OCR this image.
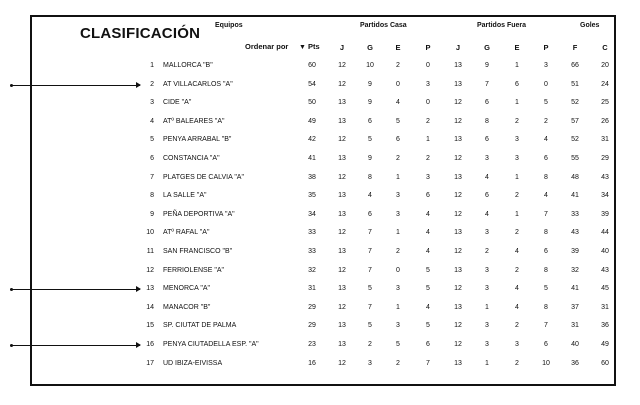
CLASIFICACIÓN Equipos	Partidos Casa	Partidos Fuera	Goles
Ordenar por ▼ Pts	J	G	E	P	J	G	E	P	F	C
1 MALLORCA "B"	60	12	10	2	0	13	9	1	3	66	20
2 AT VILLACARLOS "A"	54	12	9	0	3	13	7	6	0	51	24
3 CIDE "A"	50	13	9	4	0	12	6	1	5	52	25
4 ATº BALEARES "A"	49	13	6	5	2	12	8	2	2	57	26
5 PENYA ARRABAL "B"	42	12	5	6	1	13	6	3	4	52	31
6 CONSTANCIA "A"	41	13	9	2	2	12	3	3	6	55	29
7 PLATGES DE CALVIA "A"	38	12	8	1	3	13	4	1	8	48	43
8 LA SALLE "A"	35	13	4	3	6	12	6	2	4	41	34
9 PEÑA DEPORTIVA "A"	34	13	6	3	4	12	4	1	7	33	39
10 ATº RAFAL "A"	33	12	7	1	4	13	3	2	8	43	44
11 SAN FRANCISCO "B"	33	13	7	2	4	12	2	4	6	39	40
12 FERRIOLENSE "A"	32	12	7	0	5	13	3	2	8	32	43
13 MENORCA "A"	31	13	5	3	5	12	3	4	5	41	45
14 MANACOR "B"	29	12	7	1	4	13	1	4	8	37	31
15 SP. CIUTAT DE PALMA	29	13	5	3	5	12	3	2	7	31	36
16 PENYA CIUTADELLA ESP. "A"	23	13	2	5	6	12	3	3	6	40	49
17 UD IBIZA-EIVISSA	16	12	3	2	7	13	1	2	10	36	60
